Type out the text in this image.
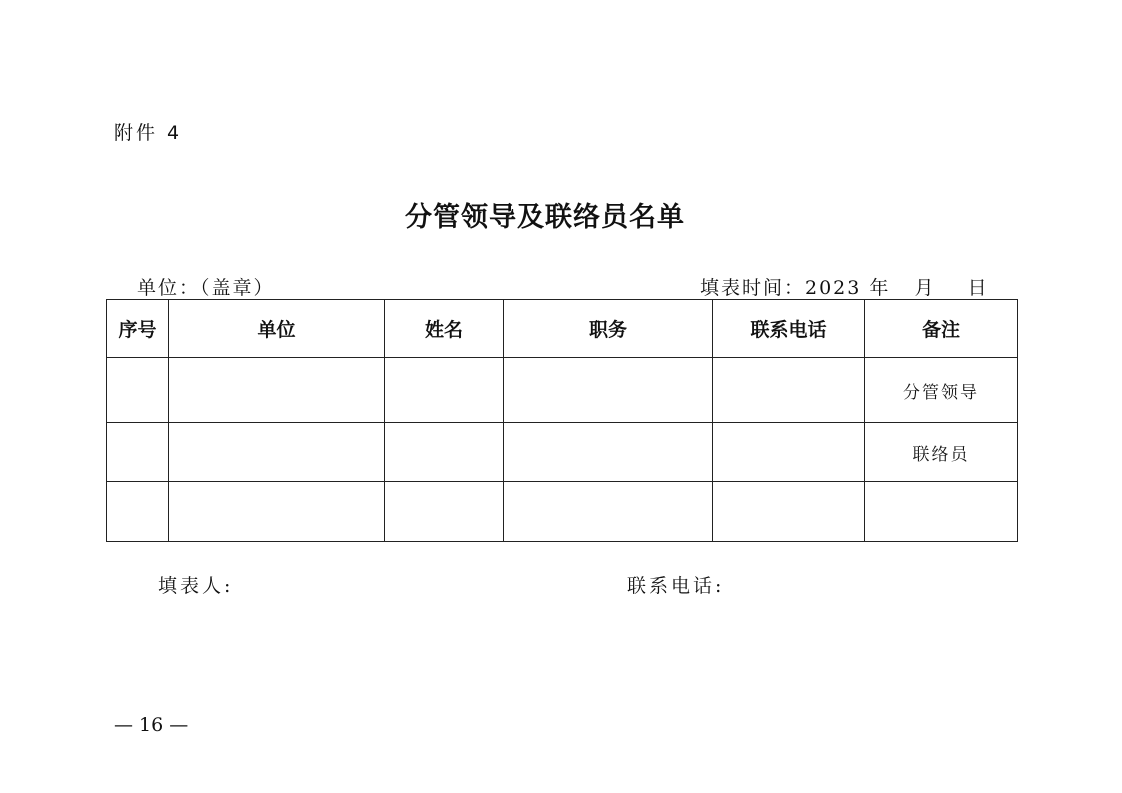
附件 4
分管领导及联络员名单
单位：（盖章）	填表时间：2023 年   月    日
序号	单位	姓名	职务	联系电话	备注
					分管领导
					联络员

填表人:	联系电话:
— 16 —
